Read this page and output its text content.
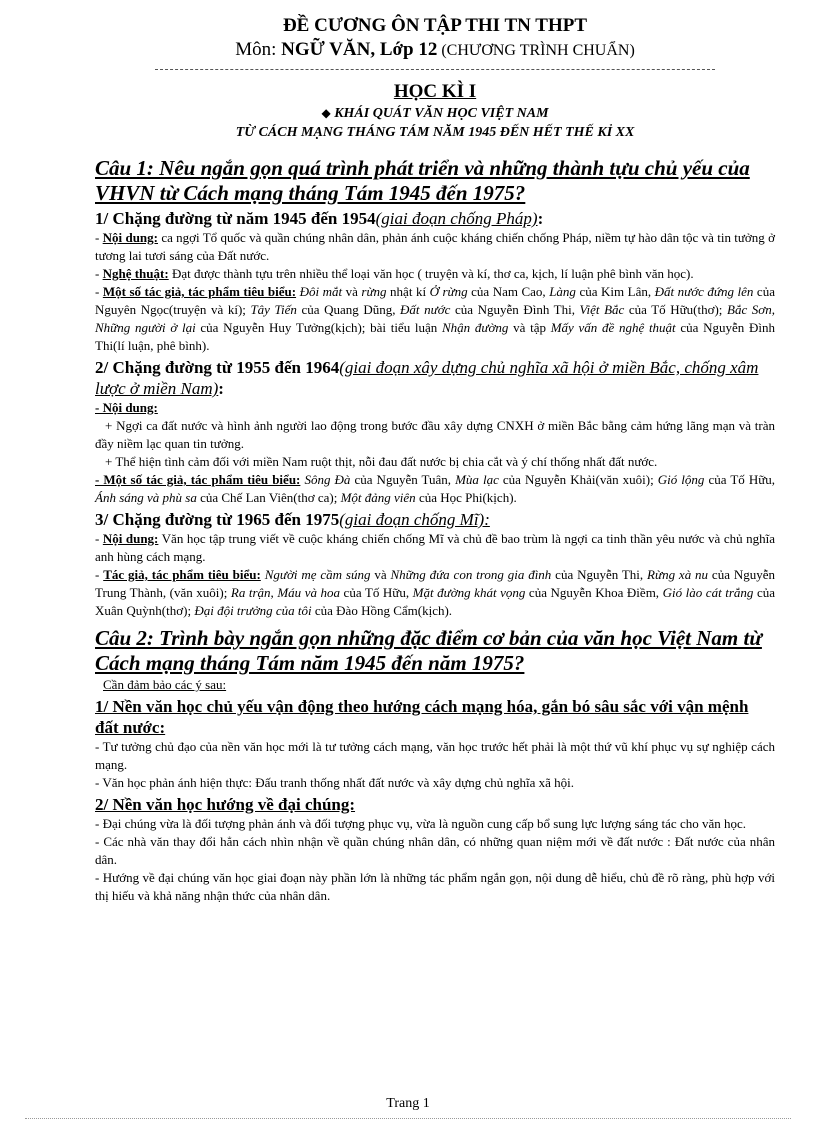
ĐỀ CƯƠNG ÔN TẬP THI TN THPT
Môn: NGỮ VĂN, Lớp 12 (CHƯƠNG TRÌNH CHUẨN)
HỌC KÌ I
◆ KHÁI QUÁT VĂN HỌC VIỆT NAM
TỪ CÁCH MẠNG THÁNG TÁM NĂM 1945 ĐẾN HẾT THẾ KỈ XX
Câu 1: Nêu ngắn gọn quá trình phát triển và những thành tựu chủ yếu của VHVN từ Cách mạng tháng Tám 1945 đến 1975?
1/ Chặng đường từ năm 1945 đến 1954(giai đoạn chống Pháp):

- Nội dung: ca ngợi Tổ quốc và quần chúng nhân dân, phản ánh cuộc kháng chiến chống Pháp, niềm tự hào dân tộc và tin tưởng ở tương lai tươi sáng của Đất nước.

- Nghệ thuật: Đạt được thành tựu trên nhiều thể loại văn học ( truyện và kí, thơ ca, kịch, lí luận phê bình văn học).

- Một số tác giả, tác phẩm tiêu biểu: Đôi mắt và rừng nhật kí Ở rừng của Nam Cao, Làng của Kim Lân, Đất nước đứng lên của Nguyên Ngọc(truyện và kí); Tây Tiến của Quang Dũng, Đất nước của Nguyễn Đình Thi, Việt Bắc của Tố Hữu(thơ); Bắc Sơn, Những người ở lại của Nguyễn Huy Tưởng(kịch); bài tiểu luận Nhận đường và tập Mấy vấn đề nghệ thuật của Nguyễn Đình Thi(lí luận, phê bình).

2/ Chặng đường từ 1955 đến 1964(giai đoạn xây dựng chủ nghĩa xã hội ở miền Bắc, chống xâm lược ở miền Nam):

- Nội dung:

+ Ngợi ca đất nước và hình ảnh người lao động trong bước đầu xây dựng CNXH ở miền Bắc bằng cảm hứng lãng mạn và tràn đầy niềm lạc quan tin tưởng.

+ Thể hiện tình cảm đối với miền Nam ruột thịt, nỗi đau đất nước bị chia cắt và ý chí thống nhất đất nước.

- Một số tác giả, tác phẩm tiêu biểu: Sông Đà của Nguyễn Tuân, Mùa lạc của Nguyễn Khải(văn xuôi); Gió lộng của Tố Hữu, Ánh sáng và phù sa của Chế Lan Viên(thơ ca); Một đảng viên của Học Phi(kịch).

3/ Chặng đường từ 1965 đến 1975(giai đoạn chống Mĩ):

- Nội dung: Văn học tập trung viết về cuộc kháng chiến chống Mĩ và chủ đề bao trùm là ngợi ca tinh thần yêu nước và chủ nghĩa anh hùng cách mạng.

- Tác giả, tác phẩm tiêu biểu: Người mẹ cầm súng và Những đứa con trong gia đình của Nguyễn Thi, Rừng xà nu của Nguyễn Trung Thành, (văn xuôi); Ra trận, Máu và hoa của Tố Hữu, Mặt đường khát vọng của Nguyễn Khoa Điềm, Gió lào cát trắng của Xuân Quỳnh(thơ); Đại đội trưởng của tôi của Đào Hồng Cẩm(kịch).

Câu 2: Trình bày ngắn gọn những đặc điểm cơ bản của văn học Việt Nam từ Cách mạng tháng Tám năm 1945 đến năm 1975?

Cần đảm bảo các ý sau:

1/ Nền văn học chủ yếu vận động theo hướng cách mạng hóa, gắn bó sâu sắc với vận mệnh đất nước:

- Tư tưởng chủ đạo của nền văn học mới là tư tưởng cách mạng, văn học trước hết phải là một thứ vũ khí phục vụ sự nghiệp cách mạng.

- Văn học phản ánh hiện thực: Đấu tranh thống nhất đất nước và xây dựng chủ nghĩa xã hội.

2/ Nền văn học hướng về đại chúng:

- Đại chúng vừa là đối tượng phản ánh và đối tượng phục vụ, vừa là nguồn cung cấp bổ sung lực lượng sáng tác cho văn học.

- Các nhà văn thay đổi hẳn cách nhìn nhận về quần chúng nhân dân, có những quan niệm mới về đất nước : Đất nước của nhân dân.

- Hướng về đại chúng văn học giai đoạn này phần lớn là những tác phẩm ngắn gọn, nội dung dễ hiểu, chủ đề rõ ràng, phù hợp với thị hiếu và khả năng nhận thức của nhân dân.

Trang 1
